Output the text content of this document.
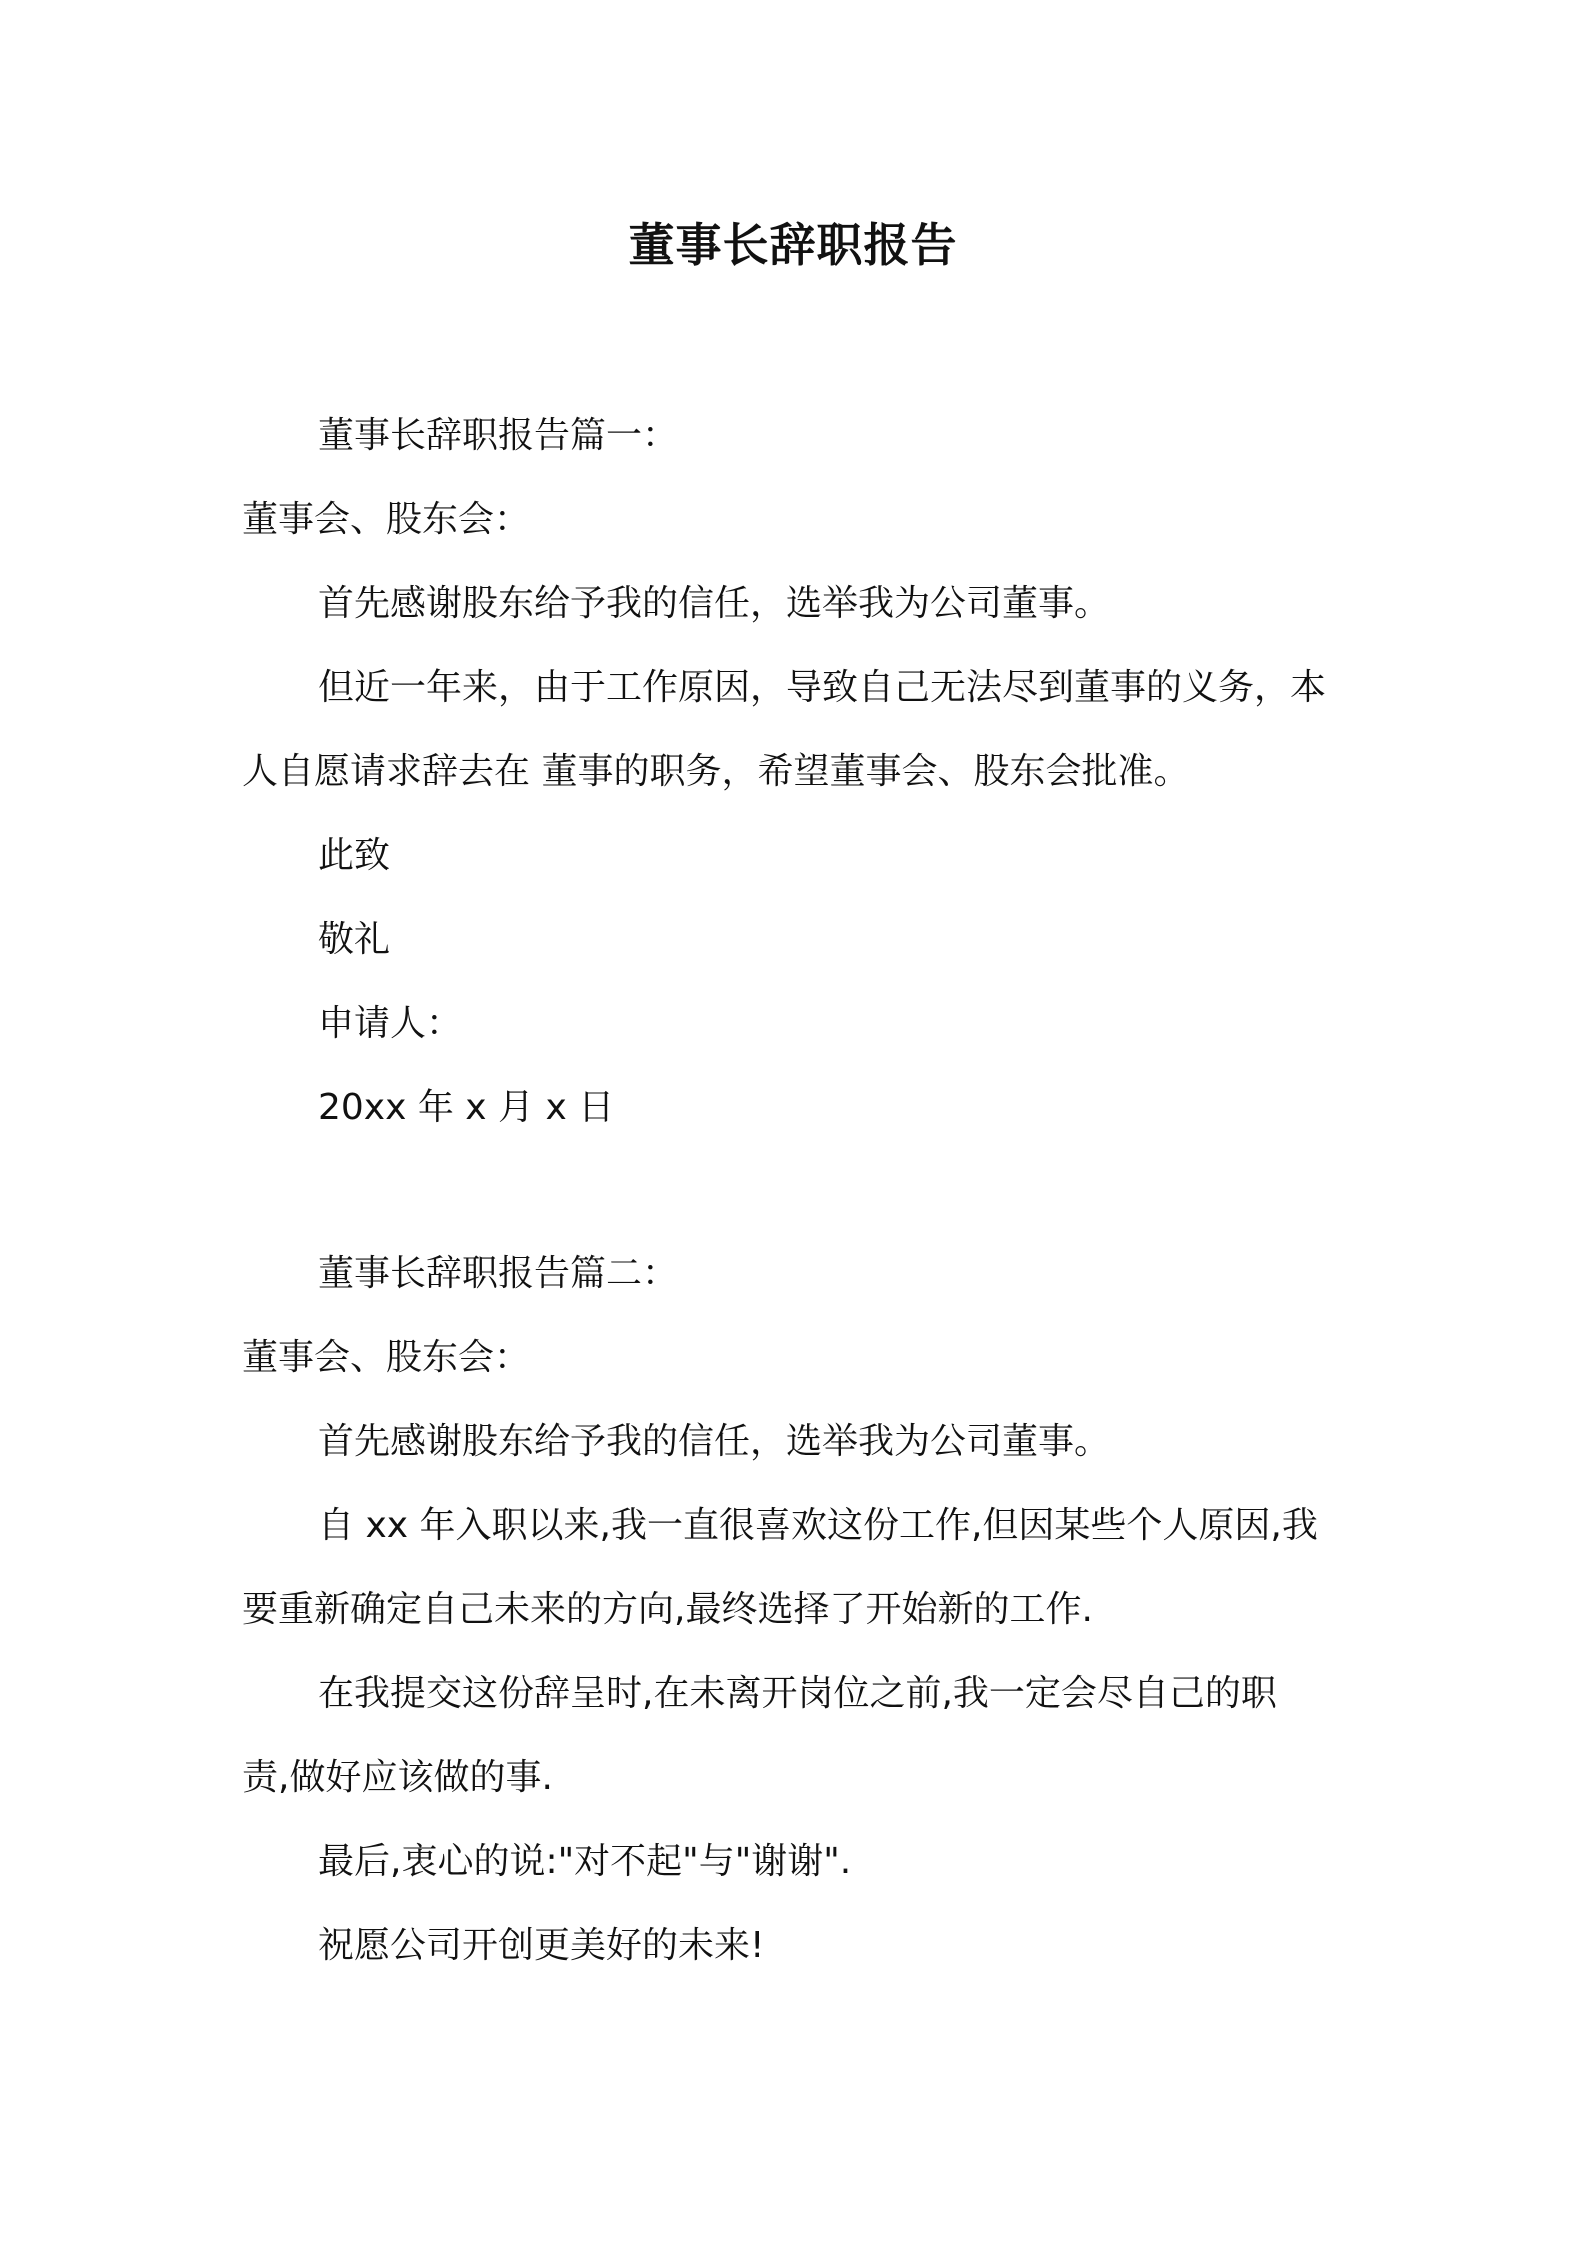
董事长辞职报告
董事长辞职报告篇一：
董事会、股东会：
首先感谢股东给予我的信任，选举我为公司董事。
但近一年来，由于工作原因，导致自己无法尽到董事的义务，本
人自愿请求辞去在 董事的职务，希望董事会、股东会批准。
此致
敬礼
申请人：
20xx 年 x 月 x 日
董事长辞职报告篇二：
董事会、股东会：
首先感谢股东给予我的信任，选举我为公司董事。
自 xx 年入职以来,我一直很喜欢这份工作,但因某些个人原因,我
要重新确定自己未来的方向,最终选择了开始新的工作.
在我提交这份辞呈时,在未离开岗位之前,我一定会尽自己的职
责,做好应该做的事.
最后,衷心的说:"对不起"与"谢谢".
祝愿公司开创更美好的未来!
